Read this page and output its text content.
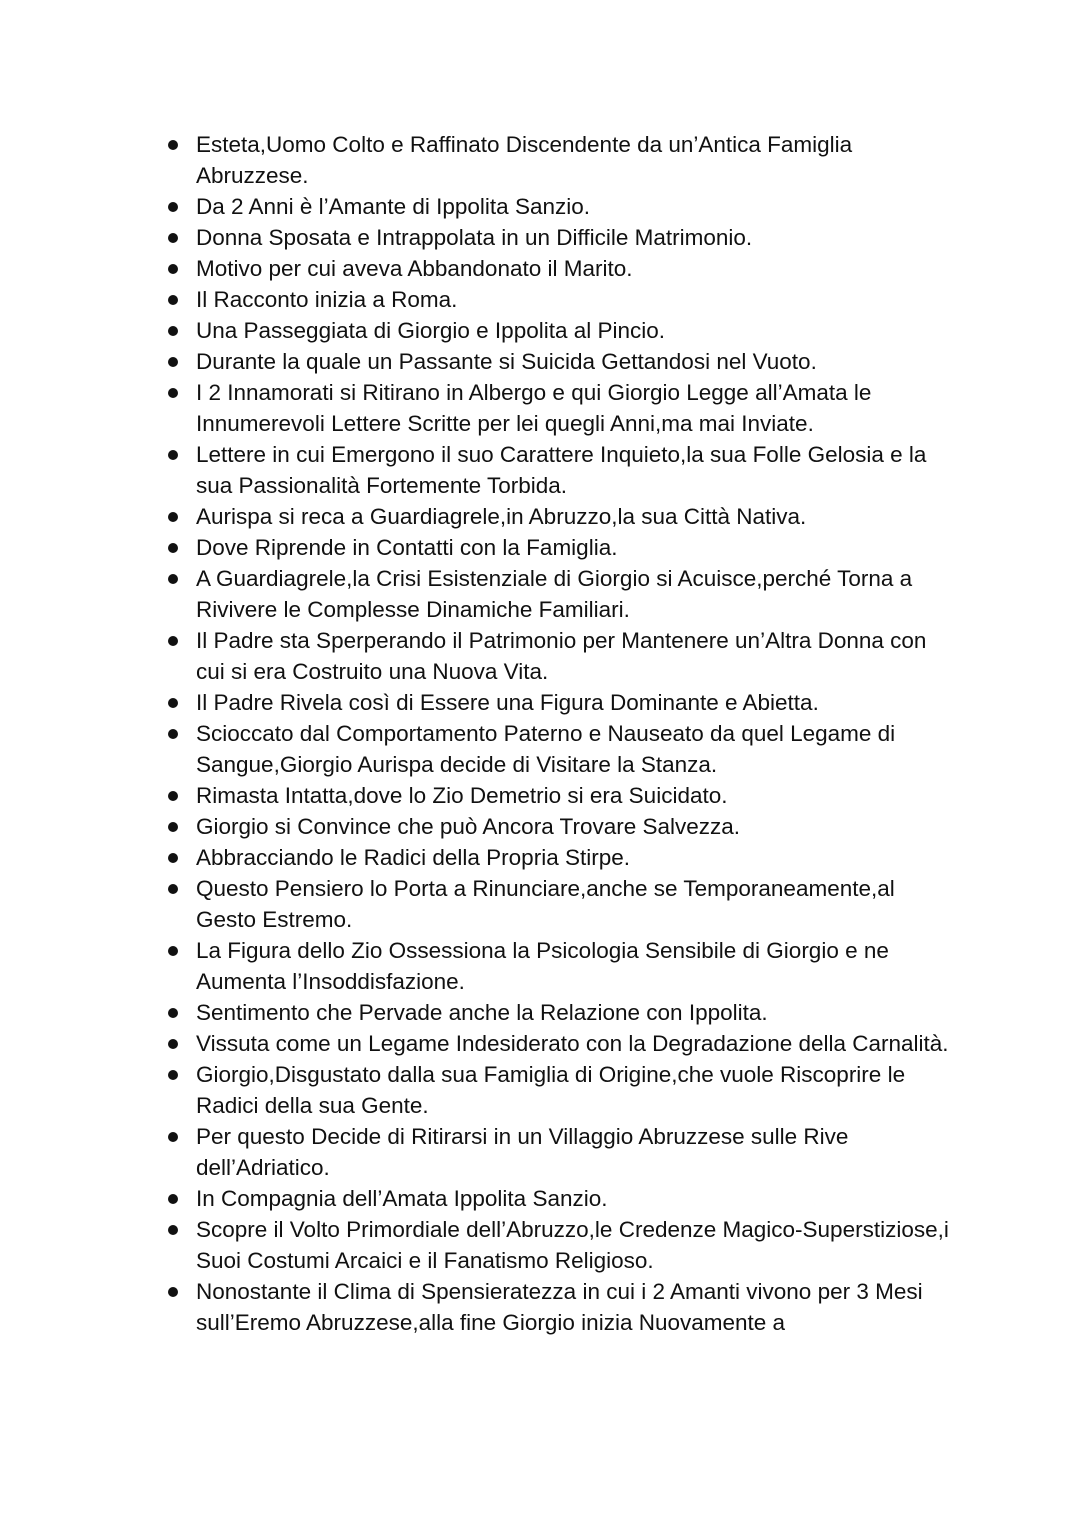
Esteta,Uomo Colto e Raffinato Discendente da un’Antica Famiglia Abruzzese.
Da 2 Anni è l’Amante di Ippolita Sanzio.
Donna Sposata e Intrappolata in un Difficile Matrimonio.
Motivo per cui aveva Abbandonato il Marito.
Il Racconto inizia a Roma.
Una Passeggiata di Giorgio e Ippolita al Pincio.
Durante la quale un Passante si Suicida Gettandosi nel Vuoto.
I 2 Innamorati si Ritirano in Albergo e qui Giorgio Legge all’Amata le Innumerevoli Lettere Scritte per lei quegli Anni,ma mai Inviate.
Lettere in cui Emergono il suo Carattere Inquieto,la sua Folle Gelosia e la sua Passionalità Fortemente Torbida.
Aurispa si reca a Guardiagrele,in Abruzzo,la sua Città Nativa.
Dove Riprende in Contatti con la Famiglia.
A Guardiagrele,la Crisi Esistenziale di Giorgio si Acuisce,perché Torna a Rivivere le Complesse Dinamiche Familiari.
Il Padre sta Sperperando il Patrimonio per Mantenere un’Altra Donna con cui si era Costruito una Nuova Vita.
Il Padre Rivela così di Essere una Figura Dominante e Abietta.
Scioccato dal Comportamento Paterno e Nauseato da quel Legame di Sangue,Giorgio Aurispa decide di Visitare la Stanza.
Rimasta Intatta,dove lo Zio Demetrio si era Suicidato.
Giorgio si Convince che può Ancora Trovare Salvezza.
Abbracciando le Radici della Propria Stirpe.
Questo Pensiero lo Porta a Rinunciare,anche se Temporaneamente,al Gesto Estremo.
La Figura dello Zio Ossessiona la Psicologia Sensibile di Giorgio e ne Aumenta l’Insoddisfazione.
Sentimento che Pervade anche la Relazione con Ippolita.
Vissuta come un Legame Indesiderato con la Degradazione della Carnalità.
Giorgio,Disgustato dalla sua Famiglia di Origine,che vuole Riscoprire le Radici della sua Gente.
Per questo Decide di Ritirarsi in un Villaggio Abruzzese sulle Rive dell’Adriatico.
In Compagnia dell’Amata Ippolita Sanzio.
Scopre il Volto Primordiale dell’Abruzzo,le Credenze Magico-Superstiziose,i Suoi Costumi Arcaici e il Fanatismo Religioso.
Nonostante il Clima di Spensieratezza in cui i 2 Amanti vivono per 3 Mesi sull’Eremo Abruzzese,alla fine Giorgio inizia Nuovamente a
